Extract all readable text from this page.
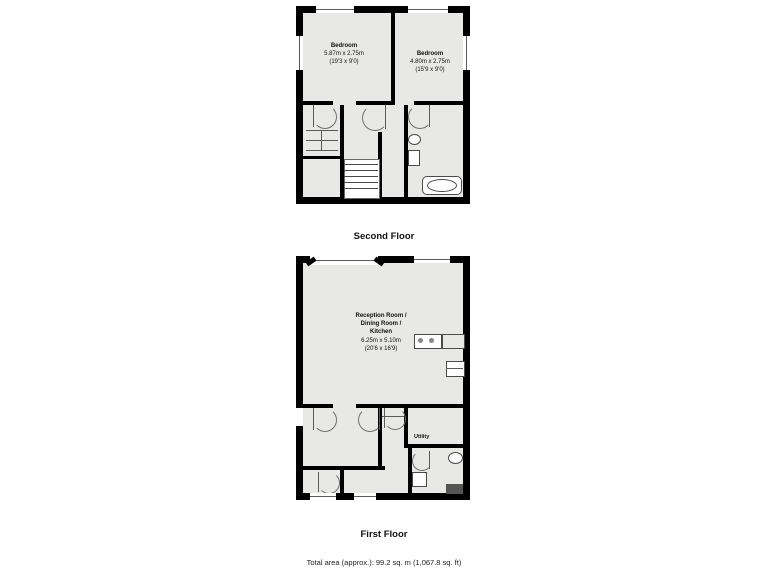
Bedroom
5.87m x 2.75m
(19'3 x 9'0)
Bedroom
4.80m x 2.75m
(15'9 x 9'0)
Second Floor
Reception Room /
Dining Room /
Kitchen
6.25m x 5.10m
(20'6 x 16'9)
Utility
First Floor
Total area (approx.): 99.2 sq. m (1,067.8 sq. ft)
